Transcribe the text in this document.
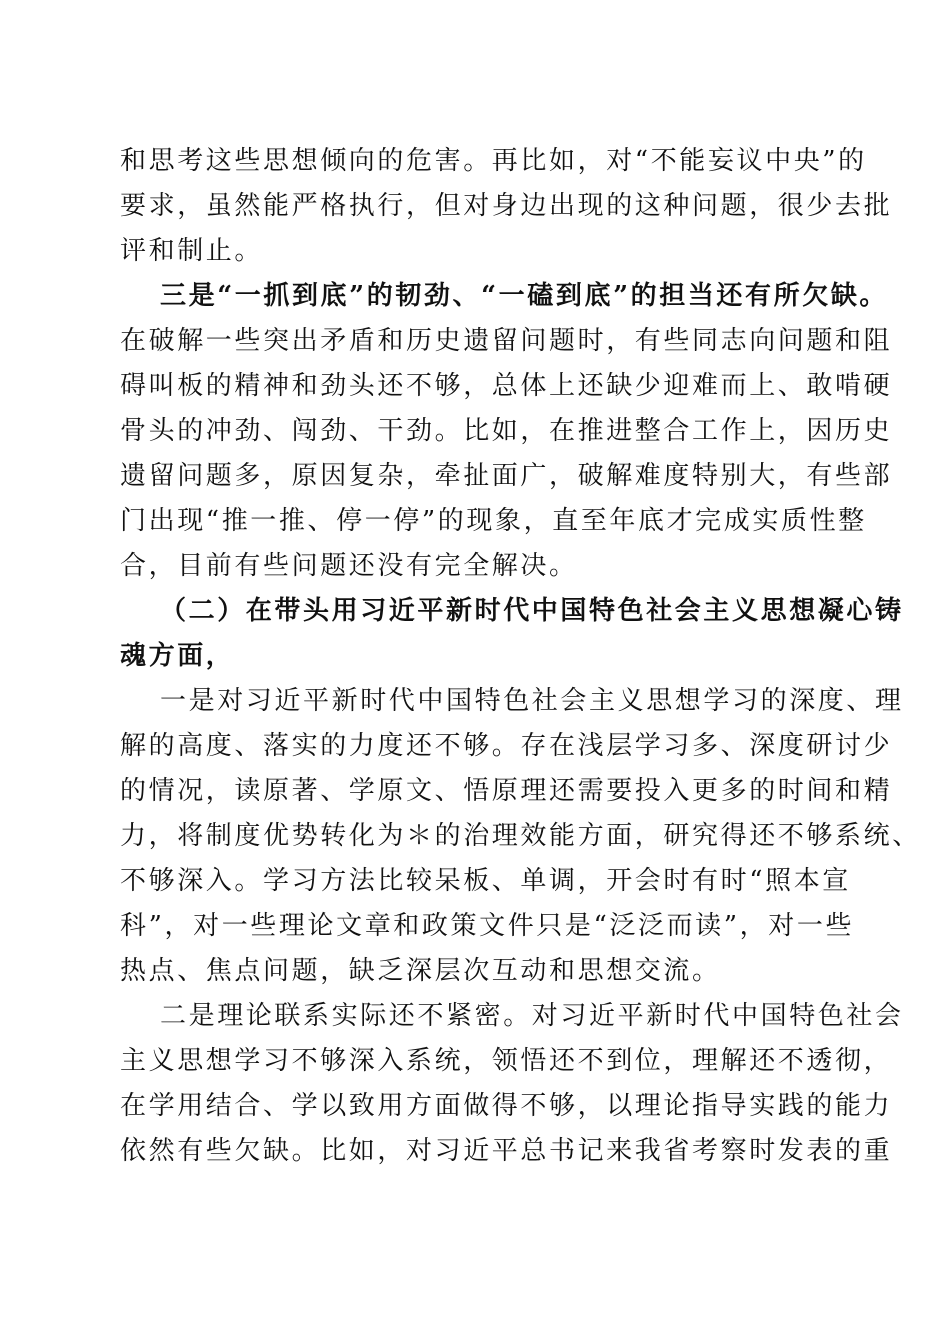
和思考这些思想倾向的危害。再比如，对“不能妄议中央”的
要求，虽然能严格执行，但对身边出现的这种问题，很少去批
评和制止。
三是“一抓到底”的韧劲、“一磕到底”的担当还有所欠缺。
在破解一些突出矛盾和历史遗留问题时，有些同志向问题和阻
碍叫板的精神和劲头还不够，总体上还缺少迎难而上、敢啃硬
骨头的冲劲、闯劲、干劲。比如，在推进整合工作上，因历史
遗留问题多，原因复杂，牵扯面广，破解难度特别大，有些部
门出现“推一推、停一停”的现象，直至年底才完成实质性整
合，目前有些问题还没有完全解决。
（二）在带头用习近平新时代中国特色社会主义思想凝心铸
魂方面，
一是对习近平新时代中国特色社会主义思想学习的深度、理
解的高度、落实的力度还不够。存在浅层学习多、深度研讨少
的情况，读原著、学原文、悟原理还需要投入更多的时间和精
力，将制度优势转化为＊的治理效能方面，研究得还不够系统、
不够深入。学习方法比较呆板、单调，开会时有时“照本宣
科”，对一些理论文章和政策文件只是“泛泛而读”，对一些
热点、焦点问题，缺乏深层次互动和思想交流。
二是理论联系实际还不紧密。对习近平新时代中国特色社会
主义思想学习不够深入系统，领悟还不到位，理解还不透彻，
在学用结合、学以致用方面做得不够，以理论指导实践的能力
依然有些欠缺。比如，对习近平总书记来我省考察时发表的重
